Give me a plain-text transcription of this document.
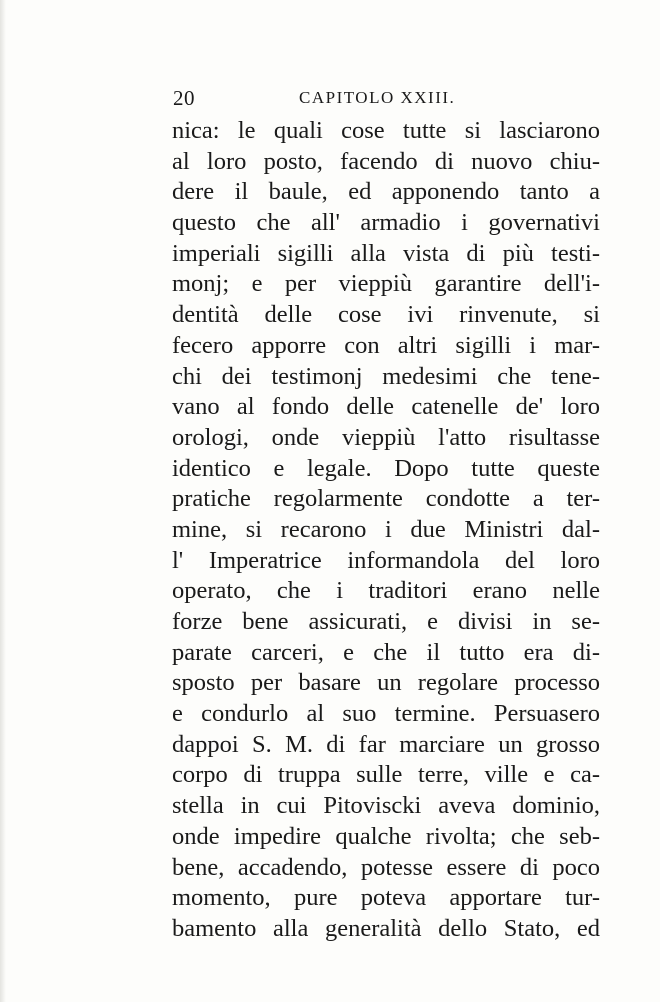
20	CAPITOLO XXIII.
nica: le quali cose tutte si lasciarono
al loro posto, facendo di nuovo chiu-
dere il baule, ed apponendo tanto a
questo che all' armadio i governativi
imperiali sigilli alla vista di più testi-
monj; e per vieppiù garantire dell'i-
dentità delle cose ivi rinvenute, si
fecero apporre con altri sigilli i mar-
chi dei testimonj medesimi che tene-
vano al fondo delle catenelle de' loro
orologi, onde vieppiù l'atto risultasse
identico e legale. Dopo tutte queste
pratiche regolarmente condotte a ter-
mine, si recarono i due Ministri dal-
l' Imperatrice informandola del loro
operato, che i traditori erano nelle
forze bene assicurati, e divisi in se-
parate carceri, e che il tutto era di-
sposto per basare un regolare processo
e condurlo al suo termine. Persuasero
dappoi S. M. di far marciare un grosso
corpo di truppa sulle terre, ville e ca-
stella in cui Pitoviscki aveva dominio,
onde impedire qualche rivolta; che seb-
bene, accadendo, potesse essere di poco
momento, pure poteva apportare tur-
bamento alla generalità dello Stato, ed
